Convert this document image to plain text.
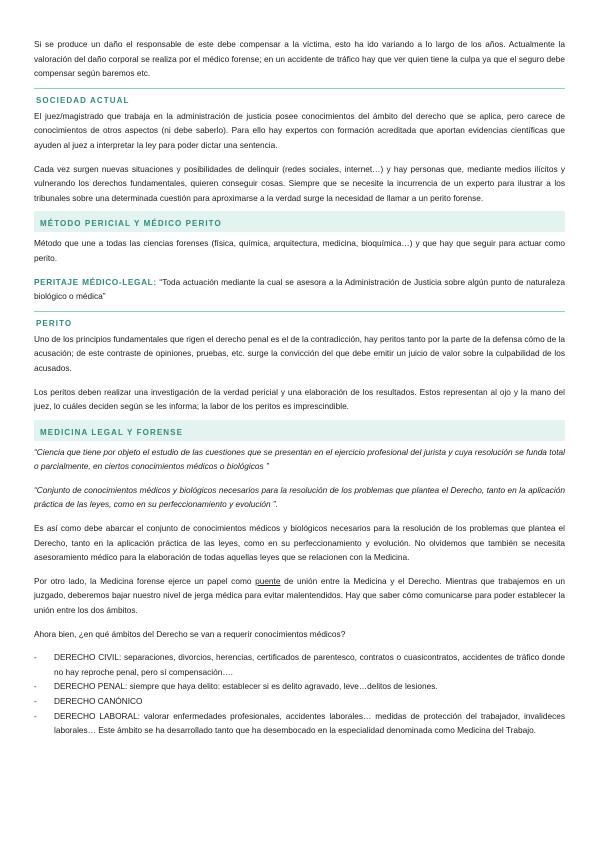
Si se produce un daño el responsable de este debe compensar a la víctima, esto ha ido variando a lo largo de los años. Actualmente la valoración del daño corporal se realiza por el médico forense; en un accidente de tráfico hay que ver quien tiene la culpa ya que el seguro debe compensar según baremos etc.

SOCIEDAD ACTUAL

El juez/magistrado que trabaja en la administración de justicia posee conocimientos del ámbito del derecho que se aplica, pero carece de conocimientos de otros aspectos (ni debe saberlo). Para ello hay expertos con formación acreditada que aportan evidencias científicas que ayuden al juez a interpretar la ley para poder dictar una sentencia.

Cada vez surgen nuevas situaciones y posibilidades de delinquir (redes sociales, internet…) y hay personas que, mediante medios ilícitos y vulnerando los derechos fundamentales, quieren conseguir cosas. Siempre que se necesite la incurrencia de un experto para ilustrar a los tribunales sobre una determinada cuestión para aproximarse a la verdad surge la necesidad de llamar a un perito forense.

MÉTODO PERICIAL Y MÉDICO PERITO

Método que une a todas las ciencias forenses (física, química, arquitectura, medicina, bioquímica…) y que hay que seguir para actuar como perito.

PERITAJE MÉDICO-LEGAL: “Toda actuación mediante la cual se asesora a la Administración de Justicia sobre algún punto de naturaleza biológico o médica”

PERITO

Uno de los principios fundamentales que rigen el derecho penal es el de la contradicción, hay peritos tanto por la parte de la defensa cómo de la acusación; de este contraste de opiniones, pruebas, etc. surge la convicción del que debe emitir un juicio de valor sobre la culpabilidad de los acusados.

Los peritos deben realizar una investigación de la verdad pericial y una elaboración de los resultados. Estos representan al ojo y la mano del juez, lo cuáles deciden según se les informa; la labor de los peritos es imprescindible.

MEDICINA LEGAL Y FORENSE

“Ciencia que tiene por objeto el estudio de las cuestiones que se presentan en el ejercicio profesional del jurista y cuya resolución se funda total o parcialmente, en ciertos conocimientos médicos o biológicos ”

“Conjunto de conocimientos médicos y biológicos necesarios para la resolución de los problemas que plantea el Derecho, tanto en la aplicación práctica de las leyes, como en su perfeccionamiento y evolución ”.

Es así como debe abarcar el conjunto de conocimientos médicos y biológicos necesarios para la resolución de los problemas que plantea el Derecho, tanto en la aplicación práctica de las leyes, como en su perfeccionamiento y evolución. No olvidemos que también se necesita asesoramiento médico para la elaboración de todas aquellas leyes que se relacionen con la Medicina.

Por otro lado, la Medicina forense ejerce un papel como puente de unión entre la Medicina y el Derecho. Mientras que trabajemos en un juzgado, deberemos bajar nuestro nivel de jerga médica para evitar malentendidos. Hay que saber cómo comunicarse para poder establecer la unión entre los dos ámbitos.

Ahora bien, ¿en qué ámbitos del Derecho se van a requerir conocimientos médicos?

- DERECHO CIVIL: separaciones, divorcios, herencias, certificados de parentesco, contratos o cuasicontratos, accidentes de tráfico donde no hay reproche penal, pero sí compensación….
- DERECHO PENAL: siempre que haya delito: establecer si es delito agravado, leve…delitos de lesiones.
- DERECHO CANÓNICO
- DERECHO LABORAL: valorar enfermedades profesionales, accidentes laborales… medidas de protección del trabajador, invalideces laborales… Este ámbito se ha desarrollado tanto que ha desembocado en la especialidad denominada como Medicina del Trabajo.
